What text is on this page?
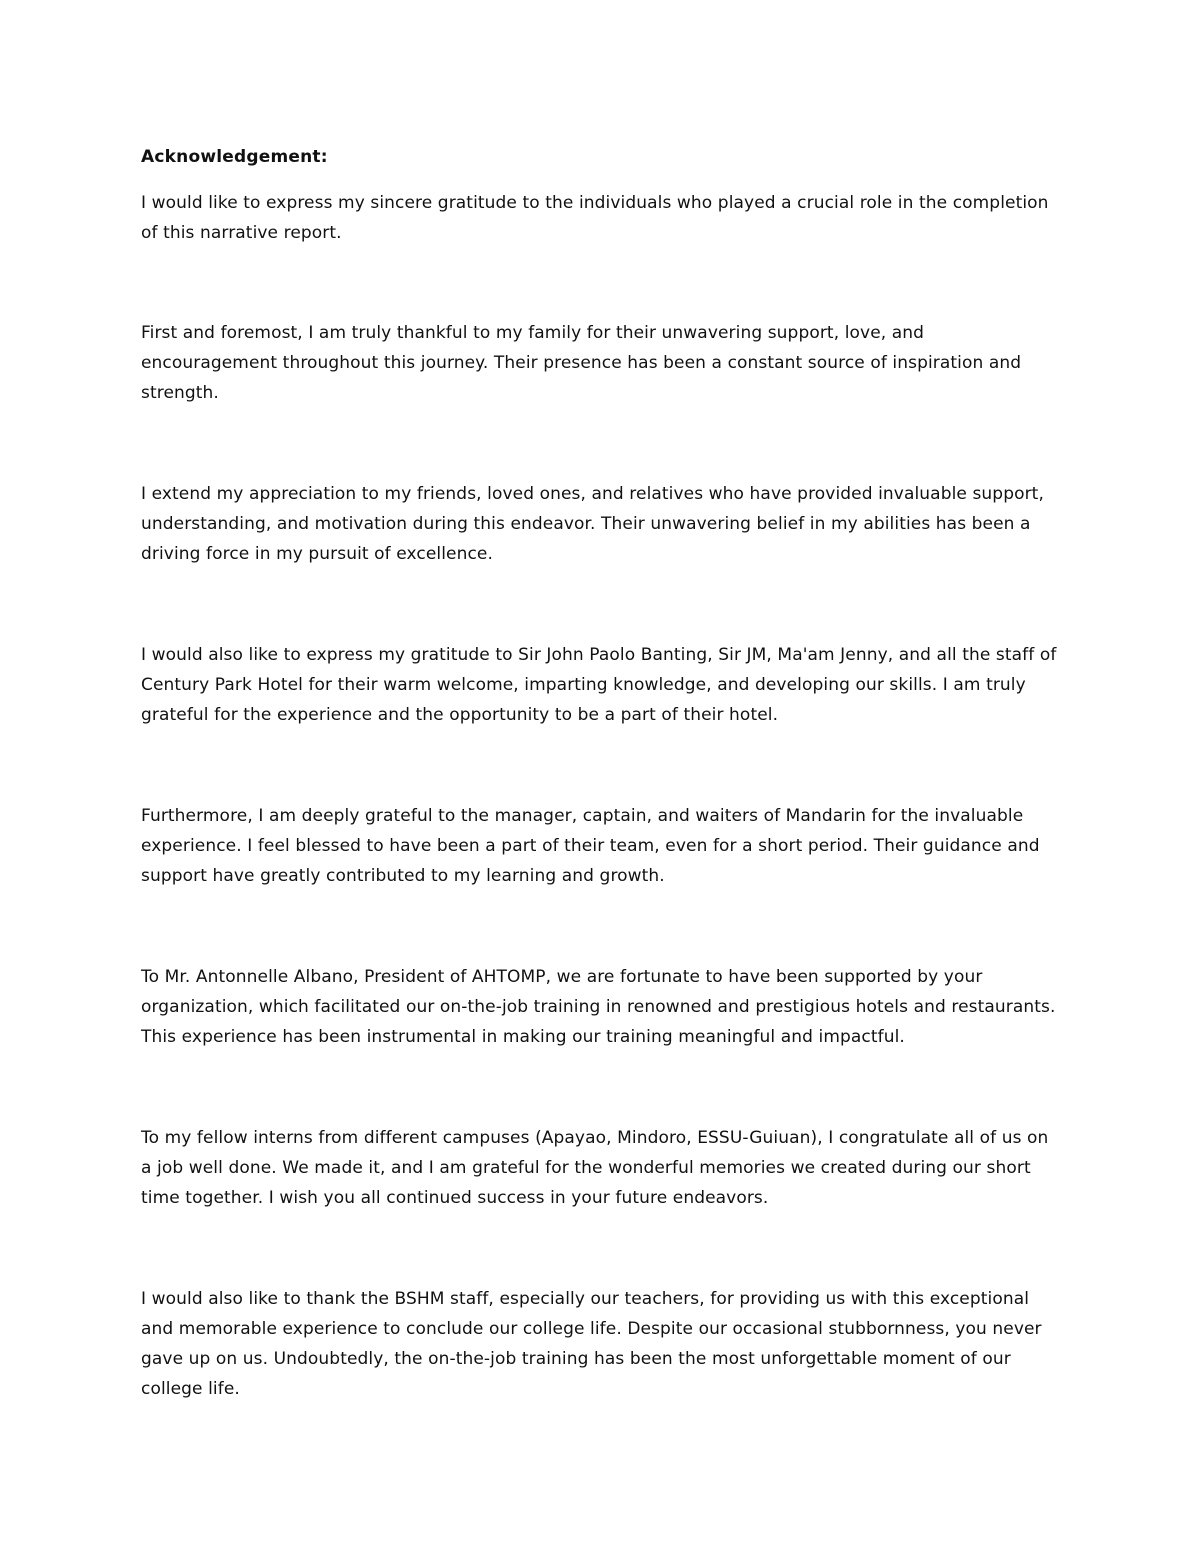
Acknowledgement:
I would like to express my sincere gratitude to the individuals who played a crucial role in the completion of this narrative report.
First and foremost, I am truly thankful to my family for their unwavering support, love, and encouragement throughout this journey. Their presence has been a constant source of inspiration and strength.
I extend my appreciation to my friends, loved ones, and relatives who have provided invaluable support, understanding, and motivation during this endeavor. Their unwavering belief in my abilities has been a driving force in my pursuit of excellence.
I would also like to express my gratitude to Sir John Paolo Banting, Sir JM, Ma'am Jenny, and all the staff of Century Park Hotel for their warm welcome, imparting knowledge, and developing our skills. I am truly grateful for the experience and the opportunity to be a part of their hotel.
Furthermore, I am deeply grateful to the manager, captain, and waiters of Mandarin for the invaluable experience. I feel blessed to have been a part of their team, even for a short period. Their guidance and support have greatly contributed to my learning and growth.
To Mr. Antonnelle Albano, President of AHTOMP, we are fortunate to have been supported by your organization, which facilitated our on-the-job training in renowned and prestigious hotels and restaurants. This experience has been instrumental in making our training meaningful and impactful.
To my fellow interns from different campuses (Apayao, Mindoro, ESSU-Guiuan), I congratulate all of us on a job well done. We made it, and I am grateful for the wonderful memories we created during our short time together. I wish you all continued success in your future endeavors.
I would also like to thank the BSHM staff, especially our teachers, for providing us with this exceptional and memorable experience to conclude our college life. Despite our occasional stubbornness, you never gave up on us. Undoubtedly, the on-the-job training has been the most unforgettable moment of our college life.
